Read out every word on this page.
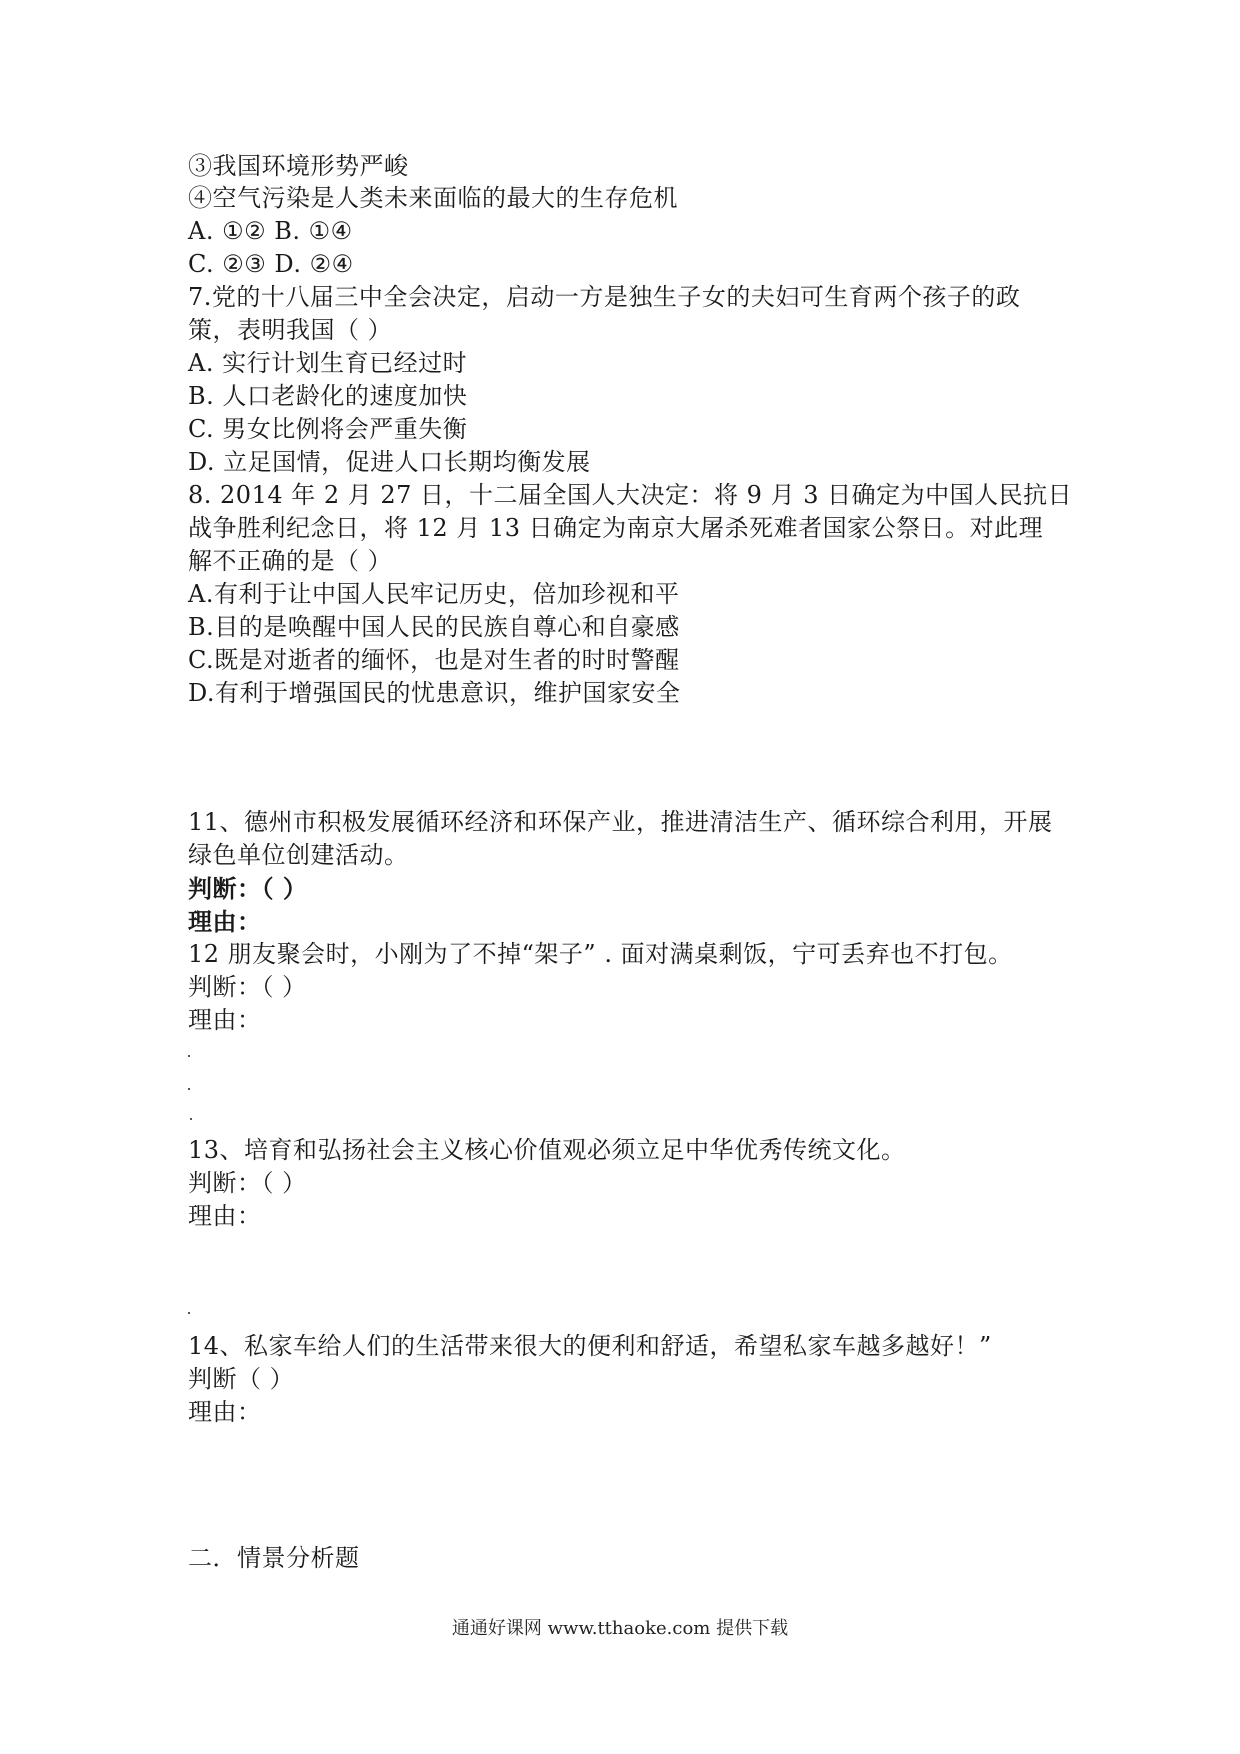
③我国环境形势严峻
④空气污染是人类未来面临的最大的生存危机
A. ①② B. ①④
C. ②③ D. ②④
7.党的十八届三中全会决定，启动一方是独生子女的夫妇可生育两个孩子的政
策，表明我国（ ）
A. 实行计划生育已经过时
B. 人口老龄化的速度加快
C. 男女比例将会严重失衡
D. 立足国情，促进人口长期均衡发展
8. 2014 年 2 月 27 日，十二届全国人大决定：将 9 月 3 日确定为中国人民抗日
战争胜利纪念日，将 12 月 13 日确定为南京大屠杀死难者国家公祭日。对此理
解不正确的是（ ）
A.有利于让中国人民牢记历史，倍加珍视和平
B.目的是唤醒中国人民的民族自尊心和自豪感
C.既是对逝者的缅怀，也是对生者的时时警醒
D.有利于增强国民的忧患意识，维护国家安全
11、德州市积极发展循环经济和环保产业，推进清洁生产、循环综合利用，开展
绿色单位创建活动。
判断：（ ）
理由：
12 朋友聚会时，小刚为了不掉“架子” . 面对满桌剩饭，宁可丢弃也不打包。
判断：（ ）
理由：
13、培育和弘扬社会主义核心价值观必须立足中华优秀传统文化。
判断：（ ）
理由：
14、私家车给人们的生活带来很大的便利和舒适，希望私家车越多越好！”
判断（ ）
理由：
二．情景分析题
通通好课网 www.tthaoke.com 提供下载
